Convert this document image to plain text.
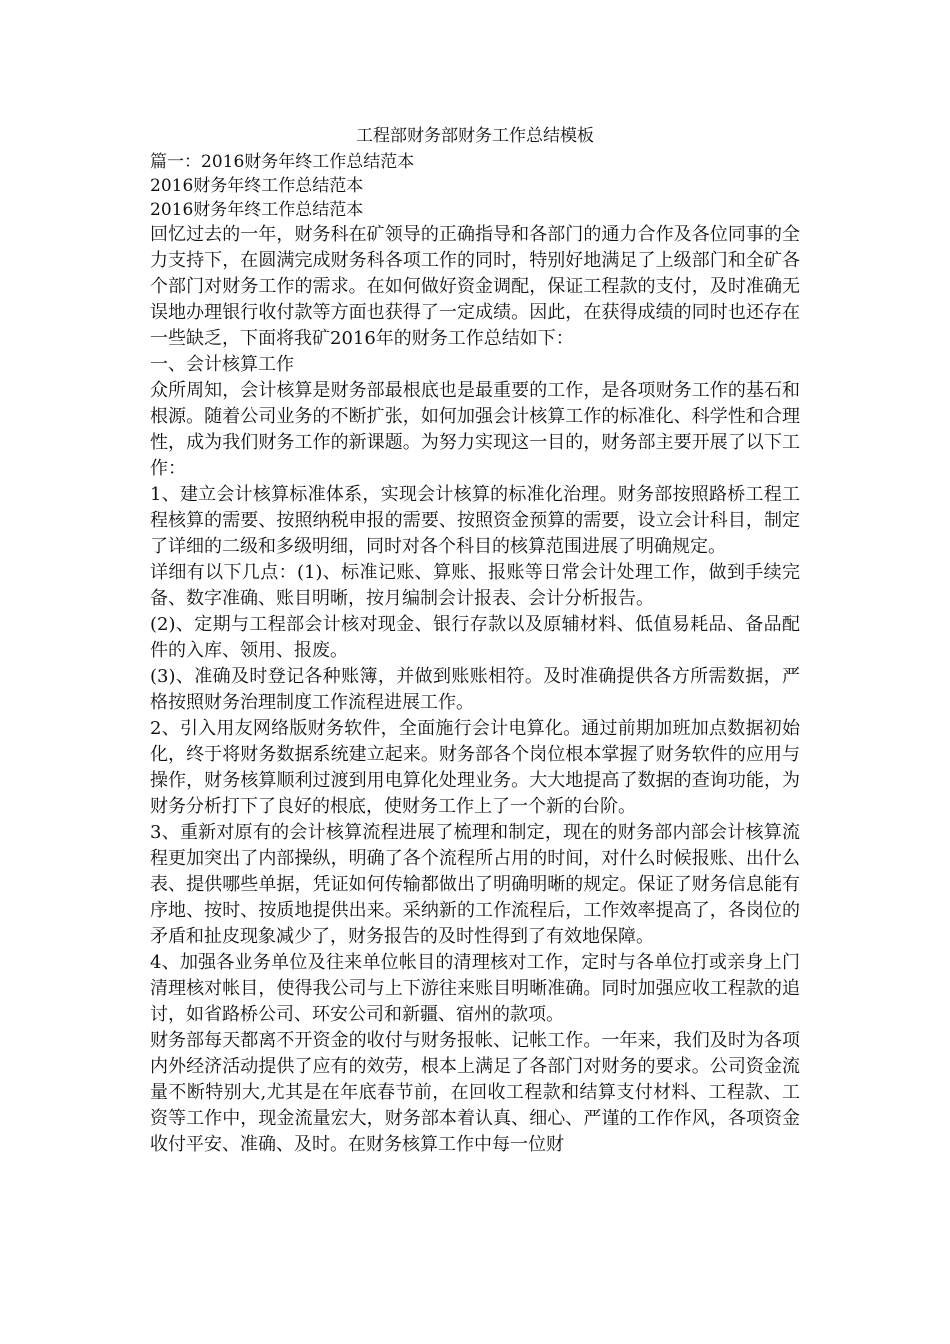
工程部财务部财务工作总结模板

篇一：2016财务年终工作总结范本

2016财务年终工作总结范本

2016财务年终工作总结范本

回忆过去的一年，财务科在矿领导的正确指导和各部门的通力合作及各位同事的全力支持下，在圆满完成财务科各项工作的同时，特别好地满足了上级部门和全矿各个部门对财务工作的需求。在如何做好资金调配，保证工程款的支付，及时准确无误地办理银行收付款等方面也获得了一定成绩。因此，在获得成绩的同时也还存在一些缺乏，下面将我矿2016年的财务工作总结如下：

一、会计核算工作

众所周知，会计核算是财务部最根底也是最重要的工作，是各项财务工作的基石和根源。随着公司业务的不断扩张，如何加强会计核算工作的标准化、科学性和合理性，成为我们财务工作的新课题。为努力实现这一目的，财务部主要开展了以下工作：

1、建立会计核算标准体系，实现会计核算的标准化治理。财务部按照路桥工程工程核算的需要、按照纳税申报的需要、按照资金预算的需要，设立会计科目，制定了详细的二级和多级明细，同时对各个科目的核算范围进展了明确规定。

详细有以下几点：(1)、标准记账、算账、报账等日常会计处理工作，做到手续完备、数字准确、账目明晰，按月编制会计报表、会计分析报告。

(2)、定期与工程部会计核对现金、银行存款以及原辅材料、低值易耗品、备品配件的入库、领用、报废。

(3)、准确及时登记各种账簿，并做到账账相符。及时准确提供各方所需数据，严格按照财务治理制度工作流程进展工作。

2、引入用友网络版财务软件，全面施行会计电算化。通过前期加班加点数据初始化，终于将财务数据系统建立起来。财务部各个岗位根本掌握了财务软件的应用与操作，财务核算顺利过渡到用电算化处理业务。大大地提高了数据的查询功能，为财务分析打下了良好的根底，使财务工作上了一个新的台阶。

3、重新对原有的会计核算流程进展了梳理和制定，现在的财务部内部会计核算流程更加突出了内部操纵，明确了各个流程所占用的时间，对什么时候报账、出什么表、提供哪些单据，凭证如何传输都做出了明确明晰的规定。保证了财务信息能有序地、按时、按质地提供出来。采纳新的工作流程后，工作效率提高了，各岗位的矛盾和扯皮现象减少了，财务报告的及时性得到了有效地保障。

4、加强各业务单位及往来单位帐目的清理核对工作，定时与各单位打或亲身上门清理核对帐目，使得我公司与上下游往来账目明晰准确。同时加强应收工程款的追讨，如省路桥公司、环安公司和新疆、宿州的款项。

财务部每天都离不开资金的收付与财务报帐、记帐工作。一年来，我们及时为各项内外经济活动提供了应有的效劳，根本上满足了各部门对财务的要求。公司资金流量不断特别大,尤其是在年底春节前，在回收工程款和结算支付材料、工程款、工资等工作中，现金流量宏大，财务部本着认真、细心、严谨的工作作风，各项资金收付平安、准确、及时。在财务核算工作中每一位财
